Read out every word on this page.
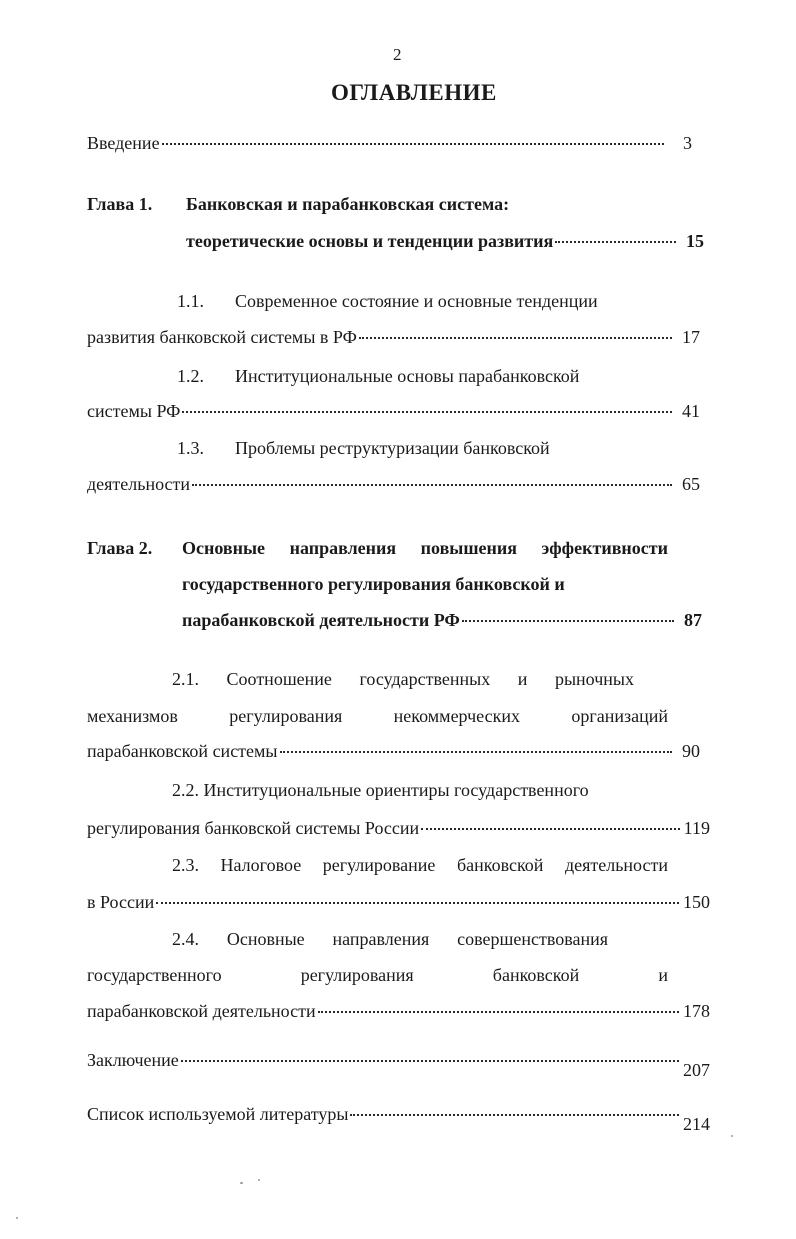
2
ОГЛАВЛЕНИЕ
Введение	3
Глава 1. Банковская и парабанковская система:
теоретические основы и тенденции развития	15
1.1. Современное состояние и основные тенденции
развития банковской системы в РФ	17
1.2. Институциональные основы парабанковской
системы РФ	41
1.3. Проблемы реструктуризации банковской
деятельности	65
Глава 2. Основные направления повышения эффективности
государственного регулирования банковской и
парабанковской деятельности РФ	87
2.1. Соотношение государственных и рыночных
механизмов регулирования некоммерческих организаций
парабанковской системы	90
2.2. Институциональные ориентиры государственного
регулирования банковской системы России	119
2.3. Налоговое регулирование банковской деятельности
в России	150
2.4. Основные направления совершенствования
государственного регулирования банковской и
парабанковской деятельности	178
Заключение	207
Список используемой литературы	214
